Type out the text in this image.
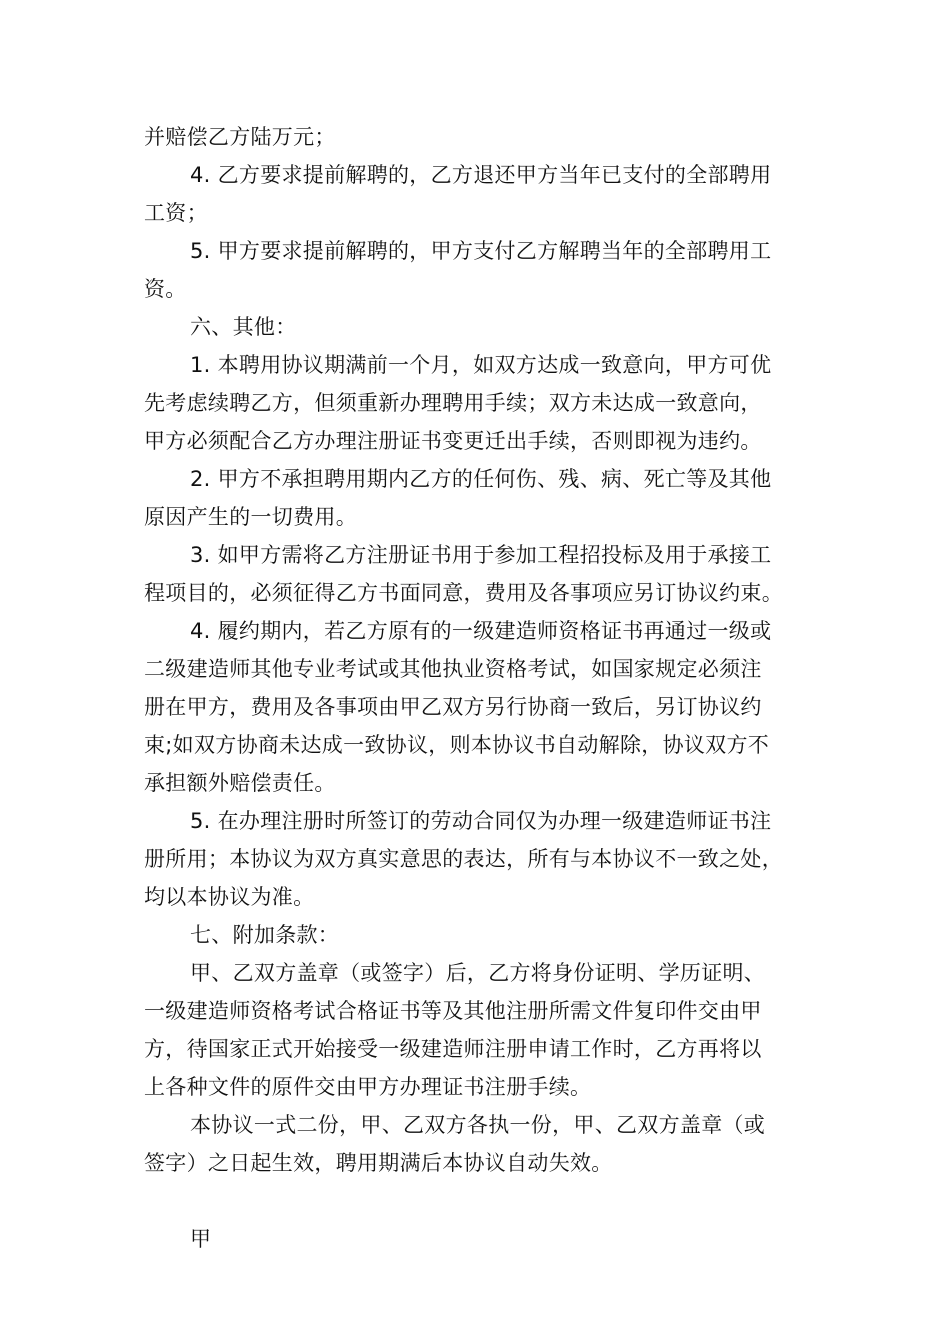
并赔偿乙方陆万元；
4. 乙方要求提前解聘的，乙方退还甲方当年已支付的全部聘用
工资；
5. 甲方要求提前解聘的，甲方支付乙方解聘当年的全部聘用工
资。
六、其他：
1. 本聘用协议期满前一个月，如双方达成一致意向，甲方可优
先考虑续聘乙方，但须重新办理聘用手续；双方未达成一致意向，
甲方必须配合乙方办理注册证书变更迁出手续，否则即视为违约。
2. 甲方不承担聘用期内乙方的任何伤、残、病、死亡等及其他
原因产生的一切费用。
3. 如甲方需将乙方注册证书用于参加工程招投标及用于承接工
程项目的，必须征得乙方书面同意，费用及各事项应另订协议约束。
4. 履约期内，若乙方原有的一级建造师资格证书再通过一级或
二级建造师其他专业考试或其他执业资格考试，如国家规定必须注
册在甲方，费用及各事项由甲乙双方另行协商一致后，另订协议约
束;如双方协商未达成一致协议，则本协议书自动解除，协议双方不
承担额外赔偿责任。
5. 在办理注册时所签订的劳动合同仅为办理一级建造师证书注
册所用；本协议为双方真实意思的表达，所有与本协议不一致之处，
均以本协议为准。
七、附加条款：
甲、乙双方盖章（或签字）后，乙方将身份证明、学历证明、
一级建造师资格考试合格证书等及其他注册所需文件复印件交由甲
方，待国家正式开始接受一级建造师注册申请工作时，乙方再将以
上各种文件的原件交由甲方办理证书注册手续。
本协议一式二份，甲、乙双方各执一份，甲、乙双方盖章（或
签字）之日起生效，聘用期满后本协议自动失效。
甲
